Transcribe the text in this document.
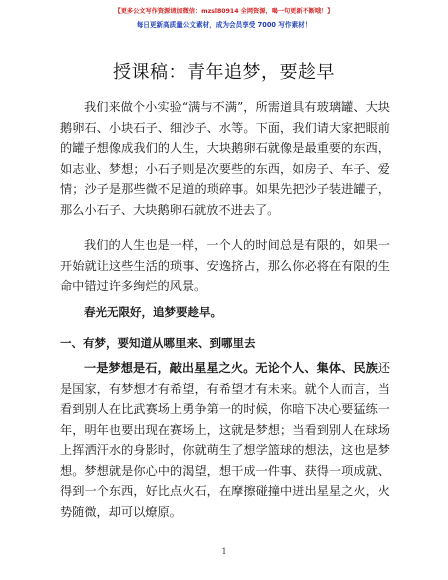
【更多公文写作资源请加微信：mzsl80914 全网资源，喝一句更新不断哦！】
每日更新高质量公文素材，成为会员享受 7000 写作素材！
授课稿：青年追梦，要趁早

我们来做个小实验“满与不满”，所需道具有玻璃罐、大块鹅卵石、小块石子、细沙子、水等。下面，我们请大家把眼前的罐子想像成我们的人生，大块鹅卵石就像是最重要的东西，如志业、梦想；小石子则是次要些的东西，如房子、车子、爱情；沙子是那些微不足道的琐碎事。如果先把沙子装进罐子，那么小石子、大块鹅卵石就放不进去了。

我们的人生也是一样，一个人的时间总是有限的，如果一开始就让这些生活的琐事、安逸挤占，那么你必将在有限的生命中错过许多绚烂的风景。

春光无限好，追梦要趁早。
一、有梦，要知道从哪里来、到哪里去

一是梦想是石，敲出星星之火。无论个人、集体、民族还是国家，有梦想才有希望，有希望才有未来。就个人而言，当看到别人在比武赛场上勇争第一的时候，你暗下决心要猛练一年，明年也要出现在赛场上，这就是梦想；当看到别人在球场上挥洒汗水的身影时，你就萌生了想学篮球的想法，这也是梦想。梦想就是你心中的渴望，想干成一件事、获得一项成就、得到一个东西，好比点火石，在摩擦碰撞中迸出星星之火，火势随微，却可以燎原。

1
